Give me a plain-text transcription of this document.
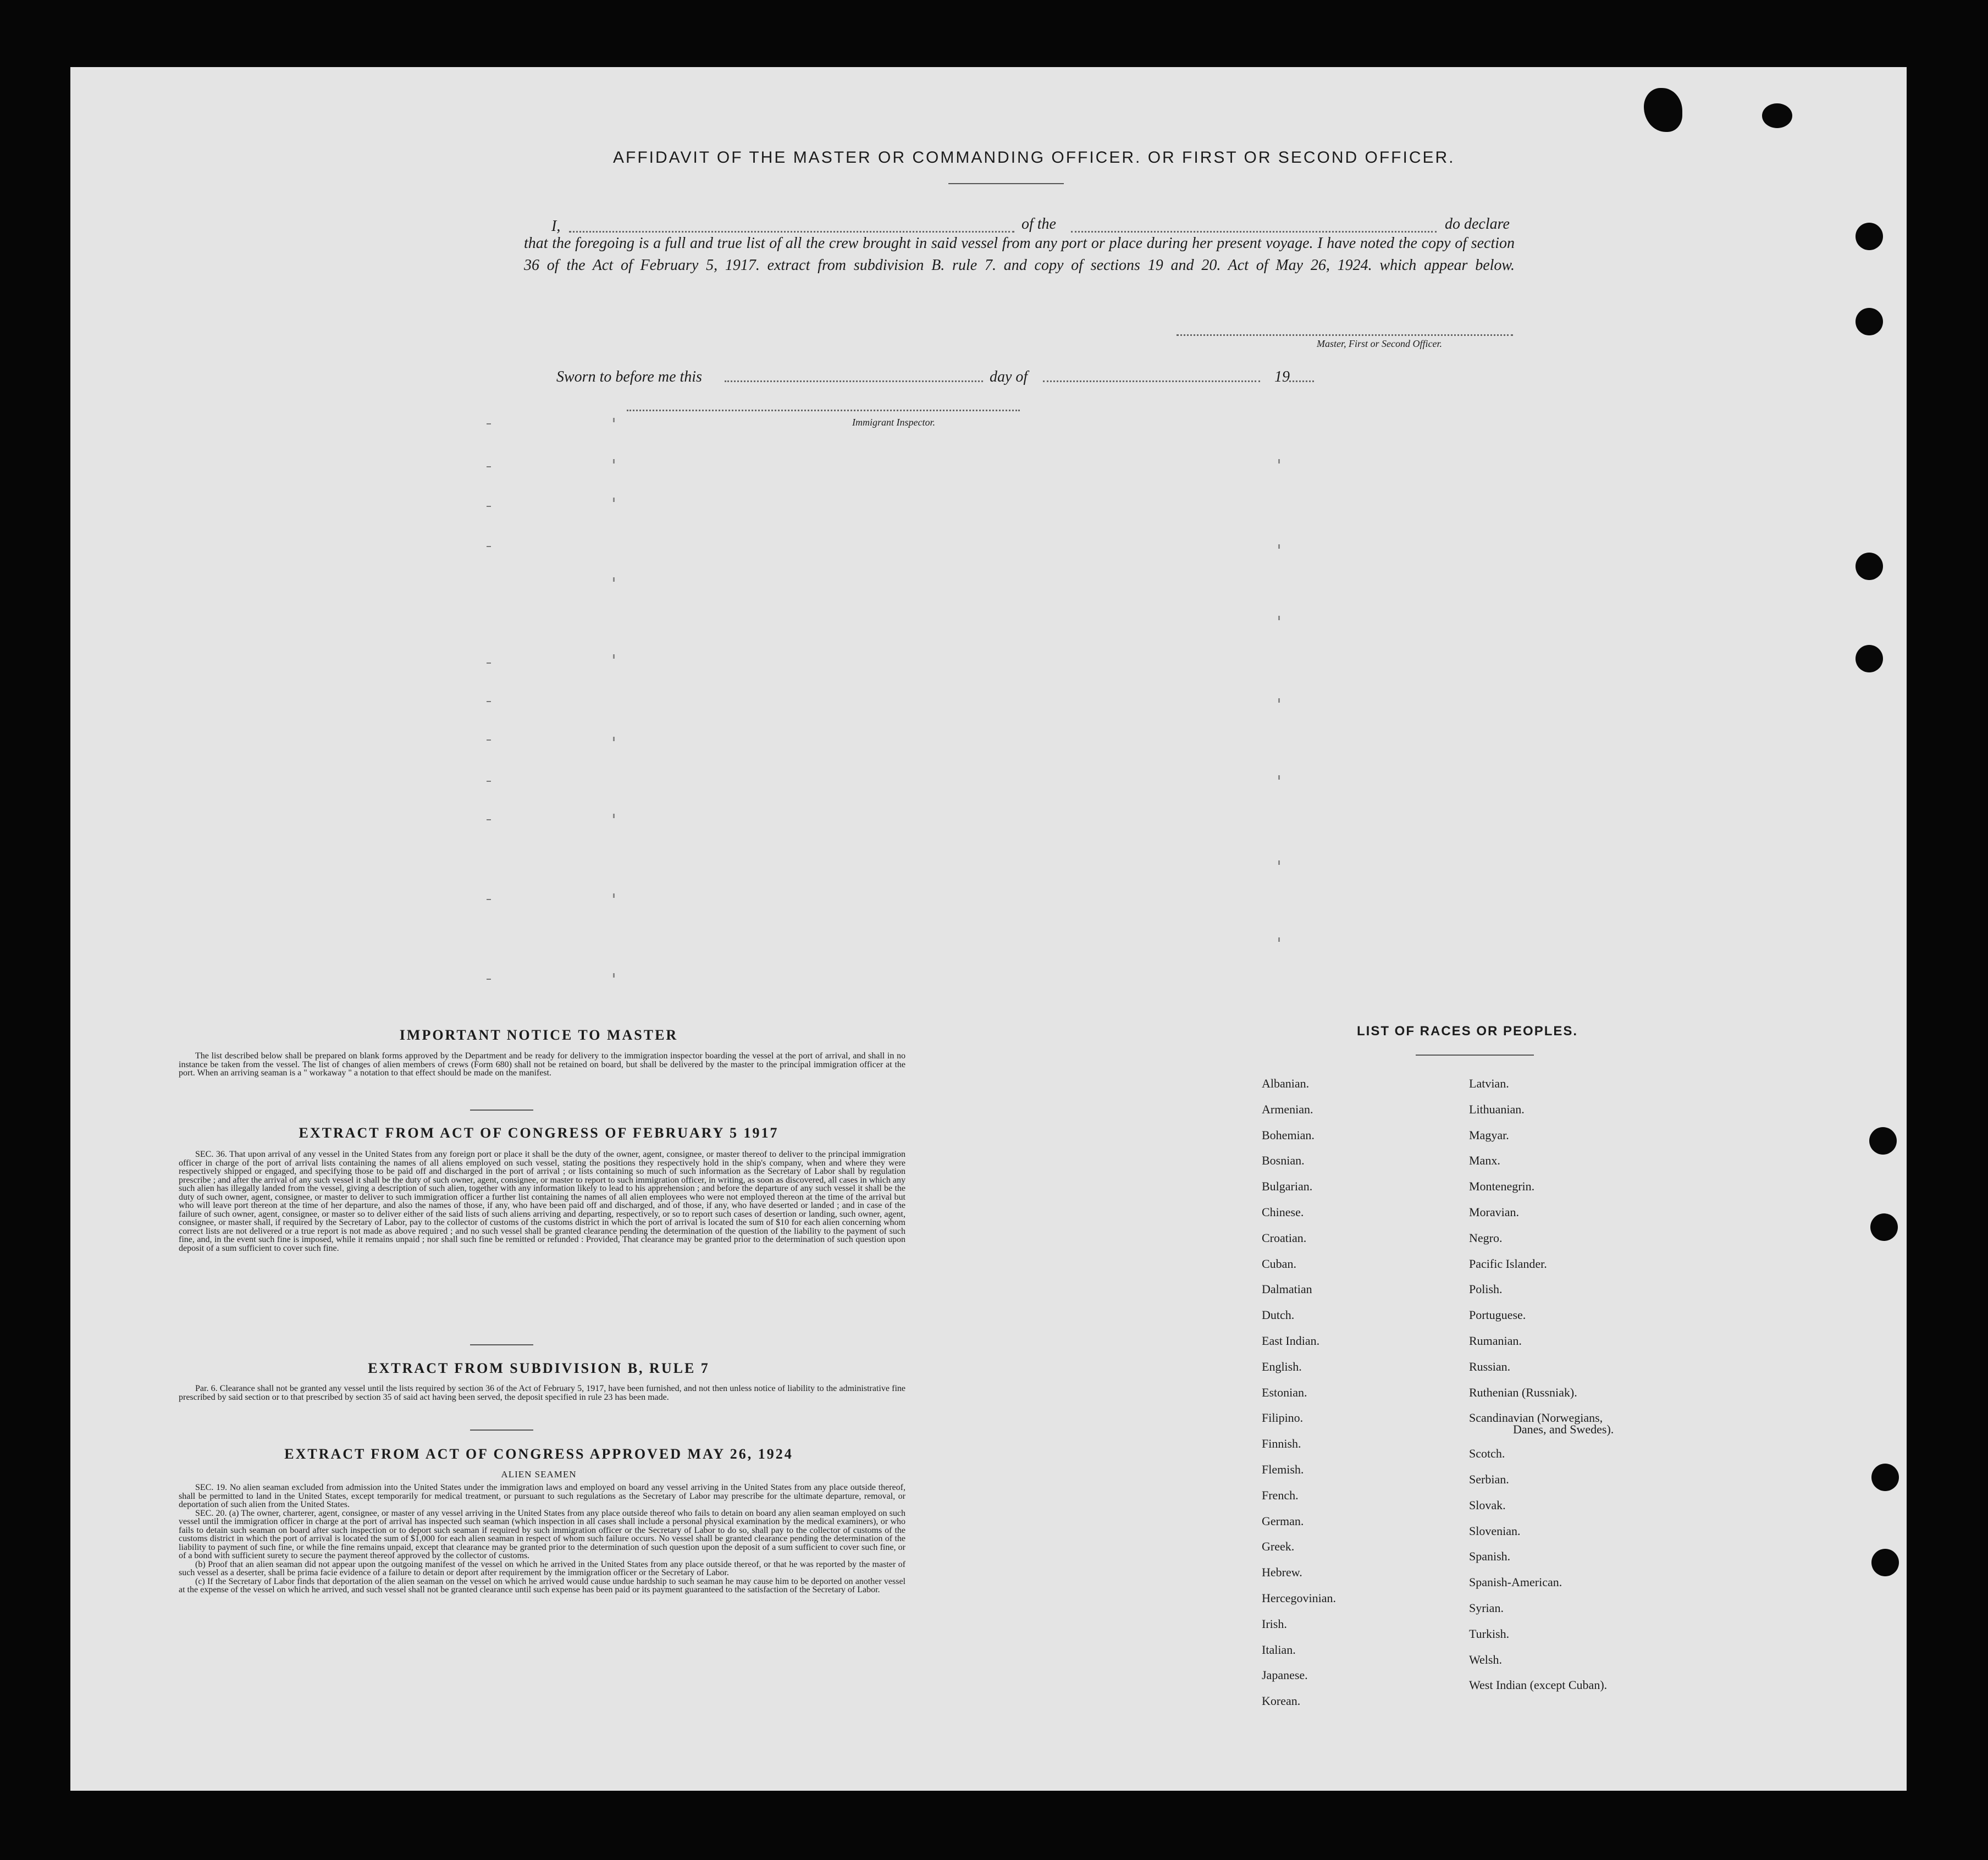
AFFIDAVIT OF THE MASTER OR COMMANDING OFFICER. OR FIRST OR SECOND OFFICER.
I,	of the	do declare
that the foregoing is a full and true list of all the crew brought in said vessel from any port or place during her present voyage. I have noted the copy of section 36 of the Act of February 5, 1917. extract from subdivision B. rule 7. and copy of sections 19 and 20. Act of May 26, 1924. which appear below.
Master, First or Second Officer.
Sworn to before me this	day of	19
Immigrant Inspector.
IMPORTANT NOTICE TO MASTER

The list described below shall be prepared on blank forms approved by the Department and be ready for delivery to the immigration inspector boarding the vessel at the port of arrival, and shall in no instance be taken from the vessel. The list of changes of alien members of crews (Form 680) shall not be retained on board, but shall be delivered by the master to the principal immigration officer at the port. When an arriving seaman is a " workaway " a notation to that effect should be made on the manifest.

EXTRACT FROM ACT OF CONGRESS OF FEBRUARY 5 1917

SEC. 36. That upon arrival of any vessel in the United States from any foreign port or place it shall be the duty of the owner, agent, consignee, or master thereof to deliver to the principal immigration officer in charge of the port of arrival lists containing the names of all aliens employed on such vessel, stating the positions they respectively hold in the ship's company, when and where they were respectively shipped or engaged, and specifying those to be paid off and discharged in the port of arrival ; or lists containing so much of such information as the Secretary of Labor shall by regulation prescribe ; and after the arrival of any such vessel it shall be the duty of such owner, agent, consignee, or master to report to such immigration officer, in writing, as soon as discovered, all cases in which any such alien has illegally landed from the vessel, giving a description of such alien, together with any information likely to lead to his apprehension ; and before the departure of any such vessel it shall be the duty of such owner, agent, consignee, or master to deliver to such immigration officer a further list containing the names of all alien employees who were not employed thereon at the time of the arrival but who will leave port thereon at the time of her departure, and also the names of those, if any, who have been paid off and discharged, and of those, if any, who have deserted or landed ; and in case of the failure of such owner, agent, consignee, or master so to deliver either of the said lists of such aliens arriving and departing, respectively, or so to report such cases of desertion or landing, such owner, agent, consignee, or master shall, if required by the Secretary of Labor, pay to the collector of customs of the customs district in which the port of arrival is located the sum of $10 for each alien concerning whom correct lists are not delivered or a true report is not made as above required ; and no such vessel shall be granted clearance pending the determination of the question of the liability to the payment of such fine, and, in the event such fine is imposed, while it remains unpaid ; nor shall such fine be remitted or refunded : Provided, That clearance may be granted prior to the determination of such question upon deposit of a sum sufficient to cover such fine.

EXTRACT FROM SUBDIVISION B, RULE 7

Par. 6. Clearance shall not be granted any vessel until the lists required by section 36 of the Act of February 5, 1917, have been furnished, and not then unless notice of liability to the administrative fine prescribed by said section or to that prescribed by section 35 of said act having been served, the deposit specified in rule 23 has been made.

EXTRACT FROM ACT OF CONGRESS APPROVED MAY 26, 1924
ALIEN SEAMEN

SEC. 19. No alien seaman excluded from admission into the United States under the immigration laws and employed on board any vessel arriving in the United States from any place outside thereof, shall be permitted to land in the United States, except temporarily for medical treatment, or pursuant to such regulations as the Secretary of Labor may prescribe for the ultimate departure, removal, or deportation of such alien from the United States.

SEC. 20. (a) The owner, charterer, agent, consignee, or master of any vessel arriving in the United States from any place outside thereof who fails to detain on board any alien seaman employed on such vessel until the immigration officer in charge at the port of arrival has inspected such seaman (which inspection in all cases shall include a personal physical examination by the medical examiners), or who fails to detain such seaman on board after such inspection or to deport such seaman if required by such immigration officer or the Secretary of Labor to do so, shall pay to the collector of customs of the customs district in which the port of arrival is located the sum of $1,000 for each alien seaman in respect of whom such failure occurs. No vessel shall be granted clearance pending the determination of the liability to payment of such fine, or while the fine remains unpaid, except that clearance may be granted prior to the determination of such question upon the deposit of a sum sufficient to cover such fine, or of a bond with sufficient surety to secure the payment thereof approved by the collector of customs.

(b) Proof that an alien seaman did not appear upon the outgoing manifest of the vessel on which he arrived in the United States from any place outside thereof, or that he was reported by the master of such vessel as a deserter, shall be prima facie evidence of a failure to detain or deport after requirement by the immigration officer or the Secretary of Labor.

(c) If the Secretary of Labor finds that deportation of the alien seaman on the vessel on which he arrived would cause undue hardship to such seaman he may cause him to be deported on another vessel at the expense of the vessel on which he arrived, and such vessel shall not be granted clearance until such expense has been paid or its payment guaranteed to the satisfaction of the Secretary of Labor.

LIST OF RACES OR PEOPLES.
Albanian.
Armenian.
Bohemian.
Bosnian.
Bulgarian.
Chinese.
Croatian.
Cuban.
Dalmatian
Dutch.
East Indian.
English.
Estonian.
Filipino.
Finnish.
Flemish.
French.
German.
Greek.
Hebrew.
Hercegovinian.
Irish.
Italian.
Japanese.
Korean.
Latvian.
Lithuanian.
Magyar.
Manx.
Montenegrin.
Moravian.
Negro.
Pacific Islander.
Polish.
Portuguese.
Rumanian.
Russian.
Ruthenian (Russniak).
Scandinavian (Norwegians,
Danes, and Swedes).
Scotch.
Serbian.
Slovak.
Slovenian.
Spanish.
Spanish-American.
Syrian.
Turkish.
Welsh.
West Indian (except Cuban).
